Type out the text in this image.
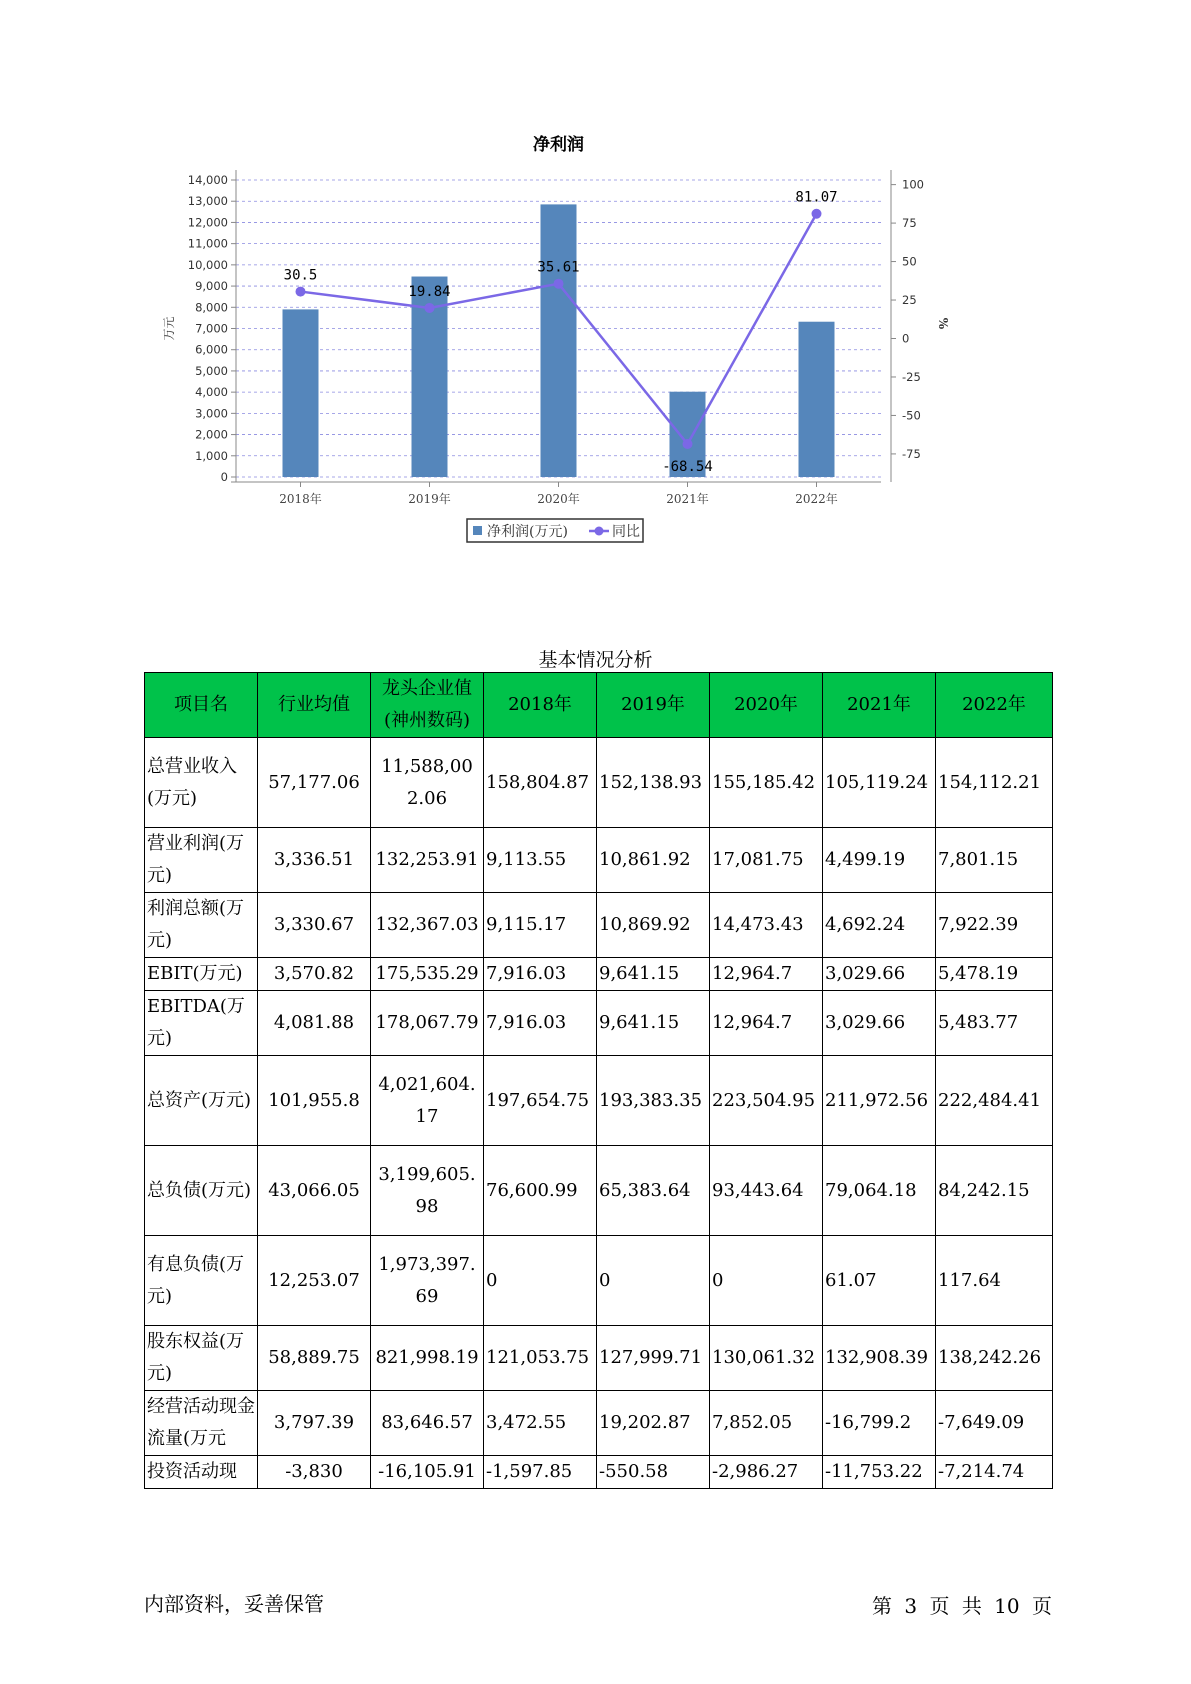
净利润
0
1,000
2,000
3,000
4,000
5,000
6,000
7,000
8,000
9,000
10,000
11,000
12,000
13,000
14,000
-75
-50
-25
0
25
50
75
100
万元	%
2018年	2019年	2020年	2021年	2022年
30.5
19.84
35.61
-68.54
81.07
净利润(万元)	同比
基本情况分析
项目名	行业均值	龙头企业值(神州数码)	2018年	2019年	2020年	2021年	2022年
总营业收入(万元)	57,177.06	11,588,002.06	158,804.87	152,138.93	155,185.42	105,119.24	154,112.21
营业利润(万元)	3,336.51	132,253.91	9,113.55	10,861.92	17,081.75	4,499.19	7,801.15
利润总额(万元)	3,330.67	132,367.03	9,115.17	10,869.92	14,473.43	4,692.24	7,922.39
EBIT(万元)	3,570.82	175,535.29	7,916.03	9,641.15	12,964.7	3,029.66	5,478.19
EBITDA(万元)	4,081.88	178,067.79	7,916.03	9,641.15	12,964.7	3,029.66	5,483.77
总资产(万元)	101,955.8	4,021,604.17	197,654.75	193,383.35	223,504.95	211,972.56	222,484.41
总负债(万元)	43,066.05	3,199,605.98	76,600.99	65,383.64	93,443.64	79,064.18	84,242.15
有息负债(万元)	12,253.07	1,973,397.69	0	0	0	61.07	117.64
股东权益(万元)	58,889.75	821,998.19	121,053.75	127,999.71	130,061.32	132,908.39	138,242.26
经营活动现金流量(万元	3,797.39	83,646.57	3,472.55	19,202.87	7,852.05	-16,799.2	-7,649.09
投资活动现	-3,830	-16,105.91	-1,597.85	-550.58	-2,986.27	-11,753.22	-7,214.74
内部资料，妥善保管	第 3 页 共 10 页
